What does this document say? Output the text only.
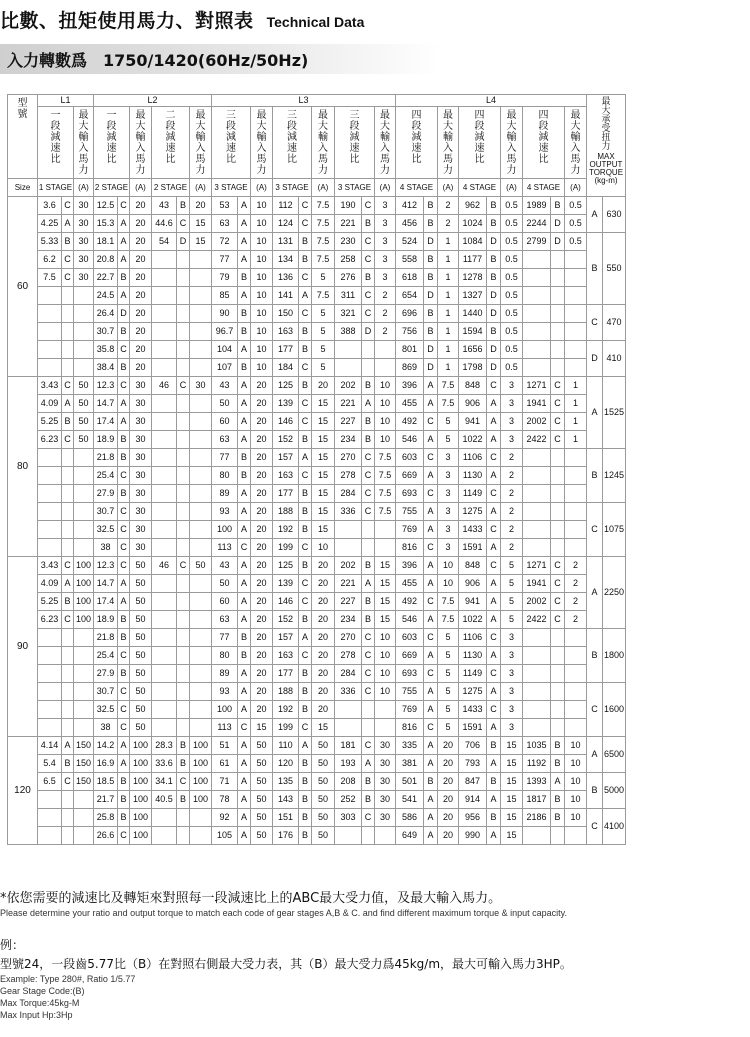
比數、扭矩使用馬力、對照表 Technical Data
入力轉數爲　1750/1420(60Hz/50Hz)
型號	L1			L2						L3									L4									最大承受扭力
MAX OUTPUT TORQUE (kg-m)	

	一段減速比		最大輸入馬力	一段減速比		最大輸入馬力	二段減速比		最大輸入馬力	三段減速比		最大輸入馬力	三段減速比		最大輸入馬力	三段減速比		最大輸入馬力	四段減速比		最大輸入馬力	四段減速比		最大輸入馬力	四段減速比		最大輸入馬力		

Size	1 STAGE		(A)	2 STAGE		(A)	2 STAGE		(A)	3 STAGE		(A)	3 STAGE		(A)	3 STAGE		(A)	4 STAGE		(A)	4 STAGE		(A)	4 STAGE		(A)		
60	3.6	C	30	12.5	C	20	43	B	20	53	A	10	112	C	7.5	190	C	3	412	B	2	962	B	0.5	1989	B	0.5	A	630
	4.25	A	30	15.3	A	20	44.6	C	15	63	A	10	124	C	7.5	221	B	3	456	B	2	1024	B	0.5	2244	D	0.5		
	5.33	B	30	18.1	A	20	54	D	15	72	A	10	131	B	7.5	230	C	3	524	D	1	1084	D	0.5	2799	D	0.5	B	550
	6.2	C	30	20.8	A	20				77	A	10	134	B	7.5	258	C	3	558	B	1	1177	B	0.5					
	7.5	C	30	22.7	B	20				79	B	10	136	C	5	276	B	3	618	B	1	1278	B	0.5					
				24.5	A	20				85	A	10	141	A	7.5	311	C	2	654	D	1	1327	D	0.5					
				26.4	D	20				90	B	10	150	C	5	321	C	2	696	B	1	1440	D	0.5				C	470
				30.7	B	20				96.7	B	10	163	B	5	388	D	2	756	B	1	1594	B	0.5					
				35.8	C	20				104	A	10	177	B	5				801	D	1	1656	D	0.5				D	410
				38.4	B	20				107	B	10	184	C	5				869	D	1	1798	D	0.5					
80	3.43	C	50	12.3	C	30	46	C	30	43	A	20	125	B	20	202	B	10	396	A	7.5	848	C	3	1271	C	1	A	1525
	4.09	A	50	14.7	A	30				50	A	20	139	C	15	221	A	10	455	A	7.5	906	A	3	1941	C	1		
	5.25	B	50	17.4	A	30				60	A	20	146	C	15	227	B	10	492	C	5	941	A	3	2002	C	1		
	6.23	C	50	18.9	B	30				63	A	20	152	B	15	234	B	10	546	A	5	1022	A	3	2422	C	1		
				21.8	B	30				77	B	20	157	A	15	270	C	7.5	603	C	3	1106	C	2				B	1245
				25.4	C	30				80	B	20	163	C	15	278	C	7.5	669	A	3	1130	A	2					
				27.9	B	30				89	A	20	177	B	15	284	C	7.5	693	C	3	1149	C	2					
				30.7	C	30				93	A	20	188	B	15	336	C	7.5	755	A	3	1275	A	2				C	1075
				32.5	C	30				100	A	20	192	B	15				769	A	3	1433	C	2					
				38	C	30				113	C	20	199	C	10				816	C	3	1591	A	2					
90	3.43	C	100	12.3	C	50	46	C	50	43	A	20	125	B	20	202	B	15	396	A	10	848	C	5	1271	C	2	A	2250
	4.09	A	100	14.7	A	50				50	A	20	139	C	20	221	A	15	455	A	10	906	A	5	1941	C	2		
	5.25	B	100	17.4	A	50				60	A	20	146	C	20	227	B	15	492	C	7.5	941	A	5	2002	C	2		
	6.23	C	100	18.9	B	50				63	A	20	152	B	20	234	B	15	546	A	7.5	1022	A	5	2422	C	2		
				21.8	B	50				77	B	20	157	A	20	270	C	10	603	C	5	1106	C	3				B	1800
				25.4	C	50				80	B	20	163	C	20	278	C	10	669	A	5	1130	A	3					
				27.9	B	50				89	A	20	177	B	20	284	C	10	693	C	5	1149	C	3					
				30.7	C	50				93	A	20	188	B	20	336	C	10	755	A	5	1275	A	3				C	1600
				32.5	C	50				100	A	20	192	B	20				769	A	5	1433	C	3					
				38	C	50				113	C	15	199	C	15				816	C	5	1591	A	3					
120	4.14	A	150	14.2	A	100	28.3	B	100	51	A	50	110	A	50	181	C	30	335	A	20	706	B	15	1035	B	10	A	6500
	5.4	B	150	16.9	A	100	33.6	B	100	61	A	50	120	B	50	193	A	30	381	A	20	793	A	15	1192	B	10		
	6.5	C	150	18.5	B	100	34.1	C	100	71	A	50	135	B	50	208	B	30	501	B	20	847	B	15	1393	A	10	B	5000
				21.7	B	100	40.5	B	100	78	A	50	143	B	50	252	B	30	541	A	20	914	A	15	1817	B	10		
				25.8	B	100				92	A	50	151	B	50	303	C	30	586	A	20	956	B	15	2186	B	10	C	4100
				26.6	C	100				105	A	50	176	B	50				649	A	20	990	A	15					

*依您需要的減速比及轉矩來對照每一段減速比上的ABC最大受力值，及最大輸入馬力。

Please determine your ratio and output torque to match each code of gear stages A,B & C. and find different maximum torque & input capacity.

例：

型號24，一段齒5.77比（B）在對照右側最大受力表，其（B）最大受力爲45kg/m，最大可輸入馬力3HP。

Example: Type 280#, Ratio 1/5.77

Gear Stage Code:(B)

Max Torque:45kg-M

Max Input Hp:3Hp
